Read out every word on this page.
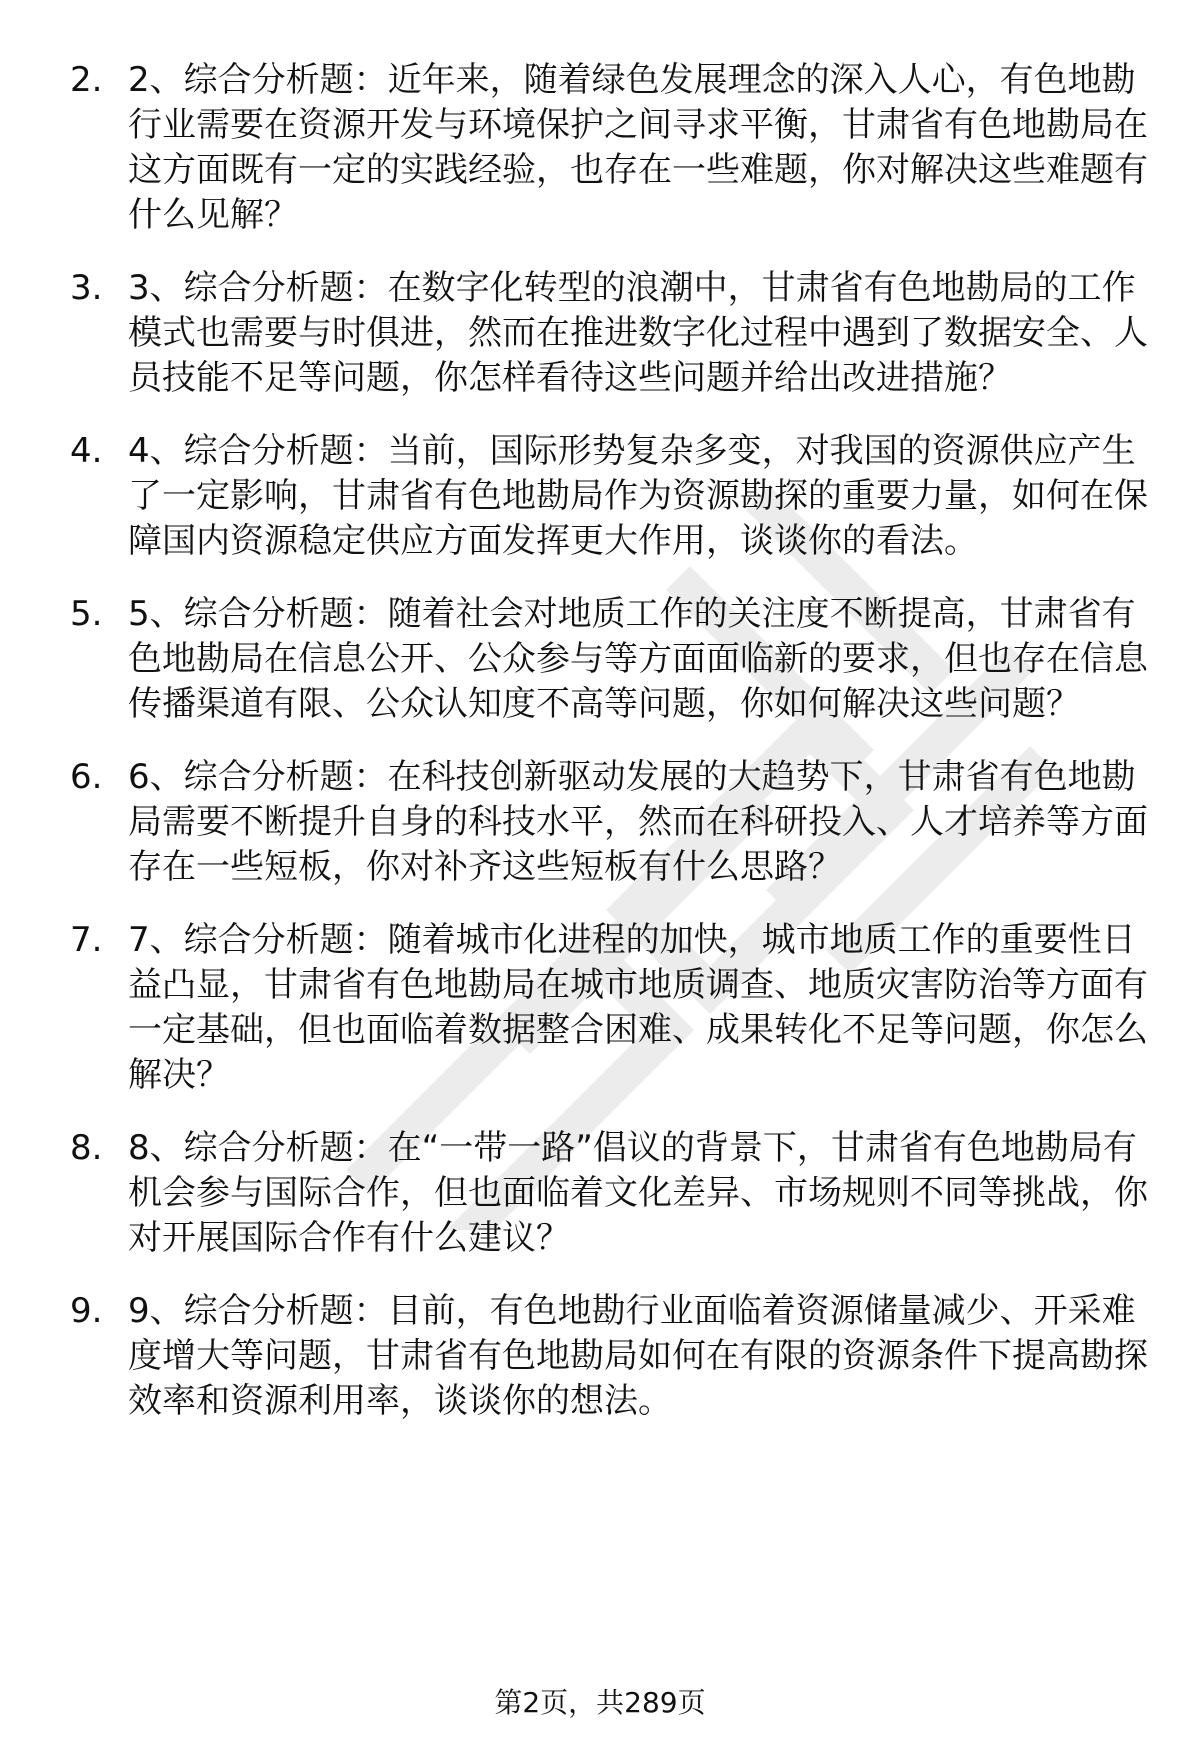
2. 2、综合分析题：近年来，随着绿色发展理念的深入人心，有色地勘行业需要在资源开发与环境保护之间寻求平衡，甘肃省有色地勘局在这方面既有一定的实践经验，也存在一些难题，你对解决这些难题有什么见解？
3. 3、综合分析题：在数字化转型的浪潮中，甘肃省有色地勘局的工作模式也需要与时俱进，然而在推进数字化过程中遇到了数据安全、人员技能不足等问题，你怎样看待这些问题并给出改进措施？
4. 4、综合分析题：当前，国际形势复杂多变，对我国的资源供应产生了一定影响，甘肃省有色地勘局作为资源勘探的重要力量，如何在保障国内资源稳定供应方面发挥更大作用，谈谈你的看法。
5. 5、综合分析题：随着社会对地质工作的关注度不断提高，甘肃省有色地勘局在信息公开、公众参与等方面面临新的要求，但也存在信息传播渠道有限、公众认知度不高等问题，你如何解决这些问题？
6. 6、综合分析题：在科技创新驱动发展的大趋势下，甘肃省有色地勘局需要不断提升自身的科技水平，然而在科研投入、人才培养等方面存在一些短板，你对补齐这些短板有什么思路？
7. 7、综合分析题：随着城市化进程的加快，城市地质工作的重要性日益凸显，甘肃省有色地勘局在城市地质调查、地质灾害防治等方面有一定基础，但也面临着数据整合困难、成果转化不足等问题，你怎么解决？
8. 8、综合分析题：在“一带一路”倡议的背景下，甘肃省有色地勘局有机会参与国际合作，但也面临着文化差异、市场规则不同等挑战，你对开展国际合作有什么建议？
9. 9、综合分析题：目前，有色地勘行业面临着资源储量减少、开采难度增大等问题，甘肃省有色地勘局如何在有限的资源条件下提高勘探效率和资源利用率，谈谈你的想法。
第2页，共289页
